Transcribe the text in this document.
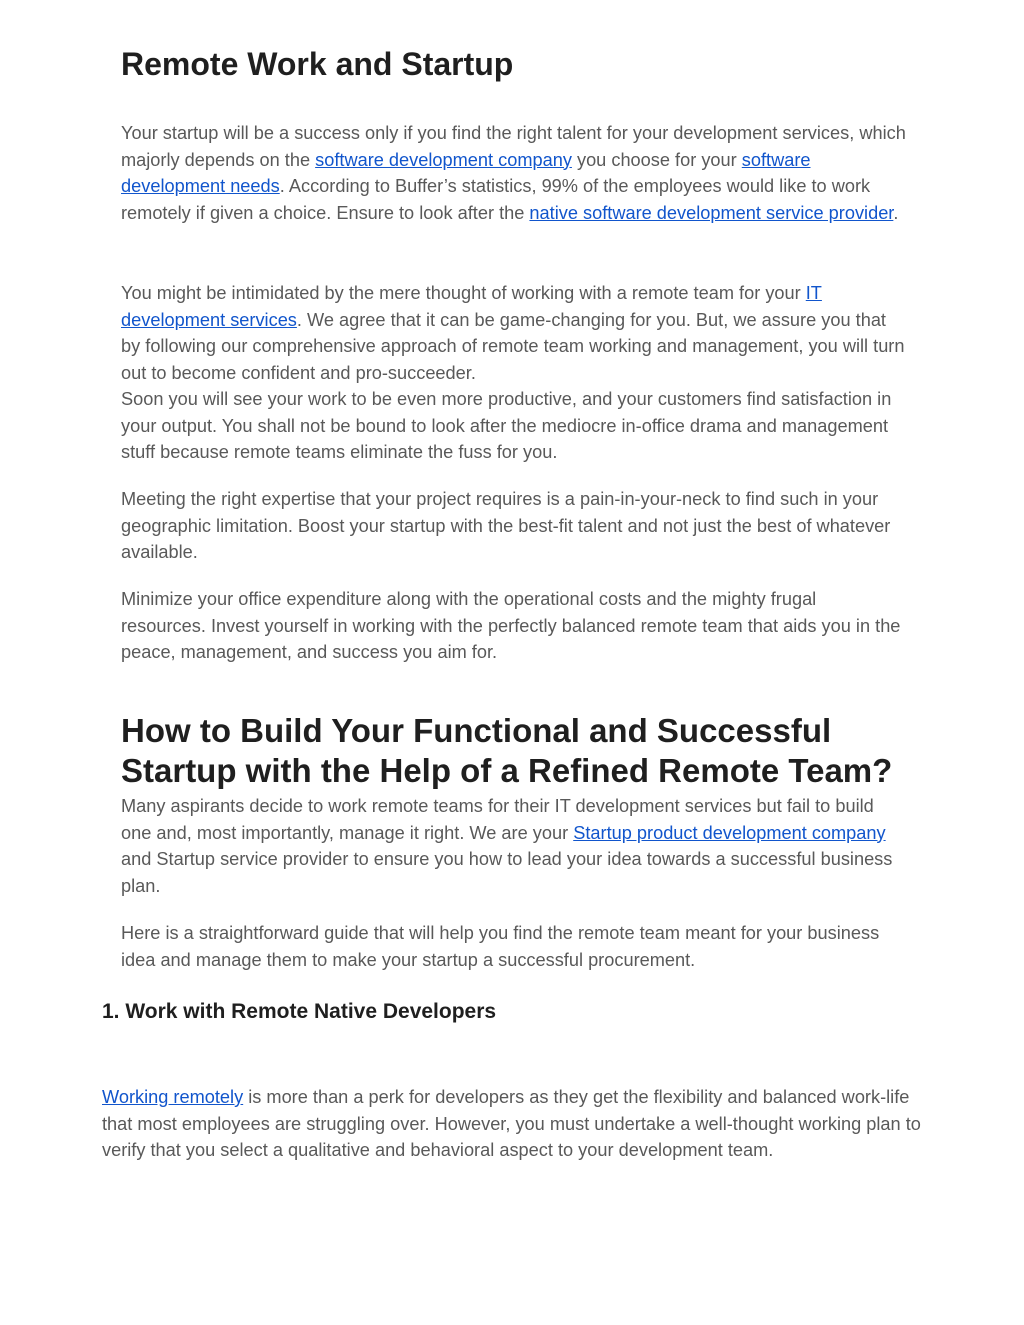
Remote Work and Startup

Your startup will be a success only if you find the right talent for your development services, which majorly depends on the software development company you choose for your software development needs. According to Buffer’s statistics, 99% of the employees would like to work remotely if given a choice. Ensure to look after the native software development service provider.

You might be intimidated by the mere thought of working with a remote team for your IT development services. We agree that it can be game-changing for you. But, we assure you that by following our comprehensive approach of remote team working and management, you will turn out to become confident and pro-succeeder.
Soon you will see your work to be even more productive, and your customers find satisfaction in your output. You shall not be bound to look after the mediocre in-office drama and management stuff because remote teams eliminate the fuss for you.

Meeting the right expertise that your project requires is a pain-in-your-neck to find such in your geographic limitation. Boost your startup with the best-fit talent and not just the best of whatever available.

Minimize your office expenditure along with the operational costs and the mighty frugal resources. Invest yourself in working with the perfectly balanced remote team that aids you in the peace, management, and success you aim for.

How to Build Your Functional and Successful Startup with the Help of a Refined Remote Team?

Many aspirants decide to work remote teams for their IT development services but fail to build one and, most importantly, manage it right. We are your Startup product development company and Startup service provider to ensure you how to lead your idea towards a successful business plan.

Here is a straightforward guide that will help you find the remote team meant for your business idea and manage them to make your startup a successful procurement.

1. Work with Remote Native Developers

Working remotely is more than a perk for developers as they get the flexibility and balanced work-life that most employees are struggling over. However, you must undertake a well-thought working plan to verify that you select a qualitative and behavioral aspect to your development team.
